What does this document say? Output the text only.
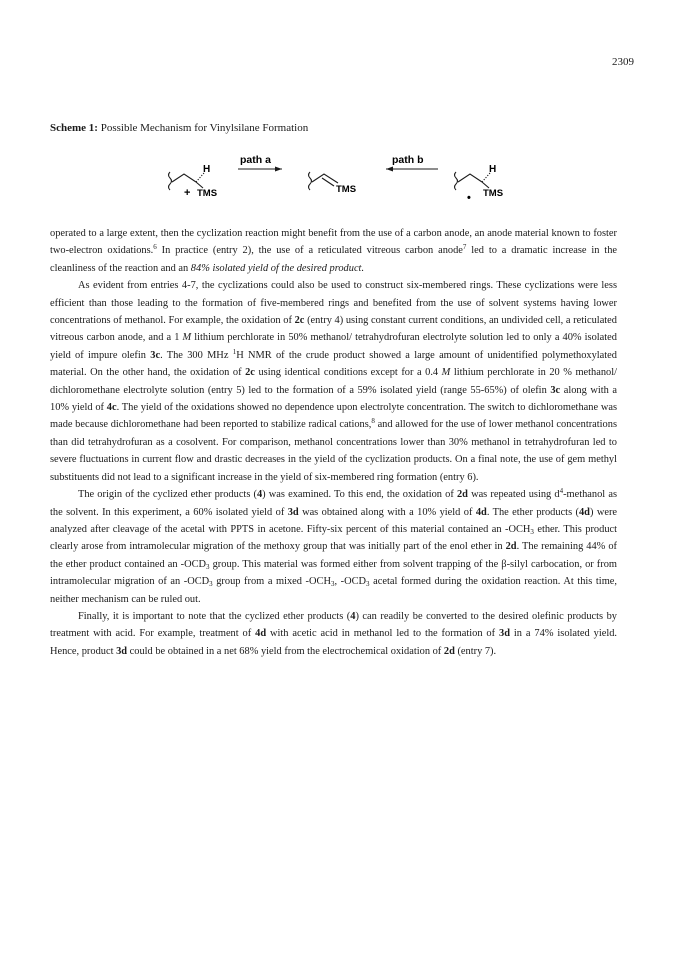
2309
Scheme 1: Possible Mechanism for Vinylsilane Formation
path a	path b
H
TMS
+	TMS
H
TMS
•

operated to a large extent, then the cyclization reaction might benefit from the use of a carbon anode, an anode material known to foster two-electron oxidations.$^6$ In practice (entry 2), the use of a reticulated vitreous carbon anode$^7$ led to a dramatic increase in the cleanliness of the reaction and an 84% isolated yield of the desired product.

As evident from entries 4-7, the cyclizations could also be used to construct six-membered rings. These cyclizations were less efficient than those leading to the formation of five-membered rings and benefited from the use of solvent systems having lower concentrations of methanol. For example, the oxidation of 2c (entry 4) using constant current conditions, an undivided cell, a reticulated vitreous carbon anode, and a 1 M lithium perchlorate in 50% methanol/ tetrahydrofuran electrolyte solution led to only a 40% isolated yield of impure olefin 3c. The 300 MHz $^1$H NMR of the crude product showed a large amount of unidentified polymethoxylated material. On the other hand, the oxidation of 2c using identical conditions except for a 0.4 M lithium perchlorate in 20 % methanol/ dichloromethane electrolyte solution (entry 5) led to the formation of a 59% isolated yield (range 55-65%) of olefin 3c along with a 10% yield of 4c. The yield of the oxidations showed no dependence upon electrolyte concentration. The switch to dichloromethane was made because dichloromethane had been reported to stabilize radical cations,$^8$ and allowed for the use of lower methanol concentrations than did tetrahydrofuran as a cosolvent. For comparison, methanol concentrations lower than 30% methanol in tetrahydrofuran led to severe fluctuations in current flow and drastic decreases in the yield of the cyclization products. On a final note, the use of gem methyl substituents did not lead to a significant increase in the yield of six-membered ring formation (entry 6).

The origin of the cyclized ether products (4) was examined. To this end, the oxidation of 2d was repeated using $d^4$-methanol as the solvent. In this experiment, a 60% isolated yield of 3d was obtained along with a 10% yield of 4d. The ether products (4d) were analyzed after cleavage of the acetal with PPTS in acetone. Fifty-six percent of this material contained an $-OCH_3$ ether. This product clearly arose from intramolecular migration of the methoxy group that was initially part of the enol ether in 2d. The remaining 44% of the ether product contained an $-OCD_3$ group. This material was formed either from solvent trapping of the β-silyl carbocation, or from intramolecular migration of an $-OCD_3$ group from a mixed $-OCH_3$, $-OCD_3$ acetal formed during the oxidation reaction. At this time, neither mechanism can be ruled out.

Finally, it is important to note that the cyclized ether products (4) can readily be converted to the desired olefinic products by treatment with acid. For example, treatment of 4d with acetic acid in methanol led to the formation of 3d in a 74% isolated yield. Hence, product 3d could be obtained in a net 68% yield from the electrochemical oxidation of 2d (entry 7).
